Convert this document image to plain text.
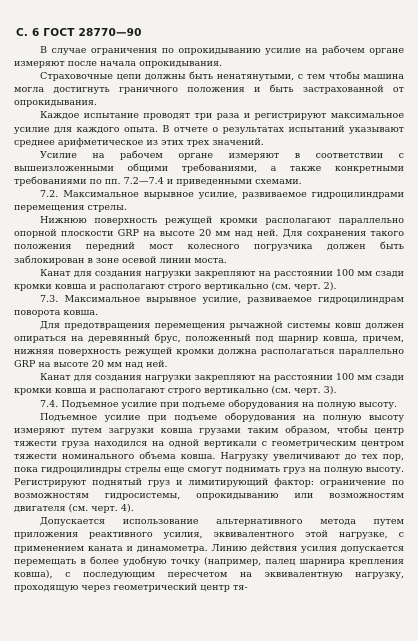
С. 6 ГОСТ 28770—90

В случае ограничения по опрокидыванию усилие на рабочем органе измеряют после начала опрокидывания.

Страховочные цепи должны быть ненатянутыми, с тем чтобы машина могла достигнуть граничного положения и быть застрахованной от опрокидывания.

Каждое испытание проводят три раза и регистрируют максимальное усилие для каждого опыта. В отчете о результатах испытаний указывают среднее арифметическое из этих трех значений.

Усилие на рабочем органе измеряют в соответствии с вышеизложенными общими требованиями, а также конкретными требованиями по пп. 7.2—7.4 и приведенными схемами.

7.2. Максимальное вырывное усилие, развиваемое гидроцилиндрами перемещения стрелы.

Нижнюю поверхность режущей кромки располагают параллельно опорной плоскости GRP на высоте 20 мм над ней. Для сохранения такого положения передний мост колесного погрузчика должен быть заблокирован в зоне осевой линии моста.

Канат для создания нагрузки закрепляют на расстоянии 100 мм сзади кромки ковша и располагают строго вертикально (см. черт. 2).

7.3. Максимальное вырывное усилие, развиваемое гидроцилиндрам поворота ковша.

Для предотвращения перемещения рычажной системы ковш должен опираться на деревянный брус, положенный под шарнир ковша, причем, нижняя поверхность режущей кромки должна располагаться параллельно GRP на высоте 20 мм над ней.

Канат для создания нагрузки закрепляют на расстоянии 100 мм сзади кромки ковша и располагают строго вертикально (см. черт. 3).

7.4. Подъемное усилие при подъеме оборудования на полную высоту.

Подъемное усилие при подъеме оборудования на полную высоту измеряют путем загрузки ковша грузами таким образом, чтобы центр тяжести груза находился на одной вертикали с геометрическим центром тяжести номинального объема ковша. Нагрузку увеличивают до тех пор, пока гидроцилиндры стрелы еще смогут поднимать груз на полную высоту. Регистрируют поднятый груз и лимитирующий фактор: ограничение по возможностям гидросистемы, опрокидыванию или возможностям двигателя (см. черт. 4).

Допускается использование альтернативного метода путем приложения реактивного усилия, эквивалентного этой нагрузке, с применением каната и динамометра. Линию действия усилия допускается перемещать в более удобную точку (например, палец шарнира крепления ковша), с последующим пересчетом на эквивалентную нагрузку, проходящую через геометрический центр тя-
